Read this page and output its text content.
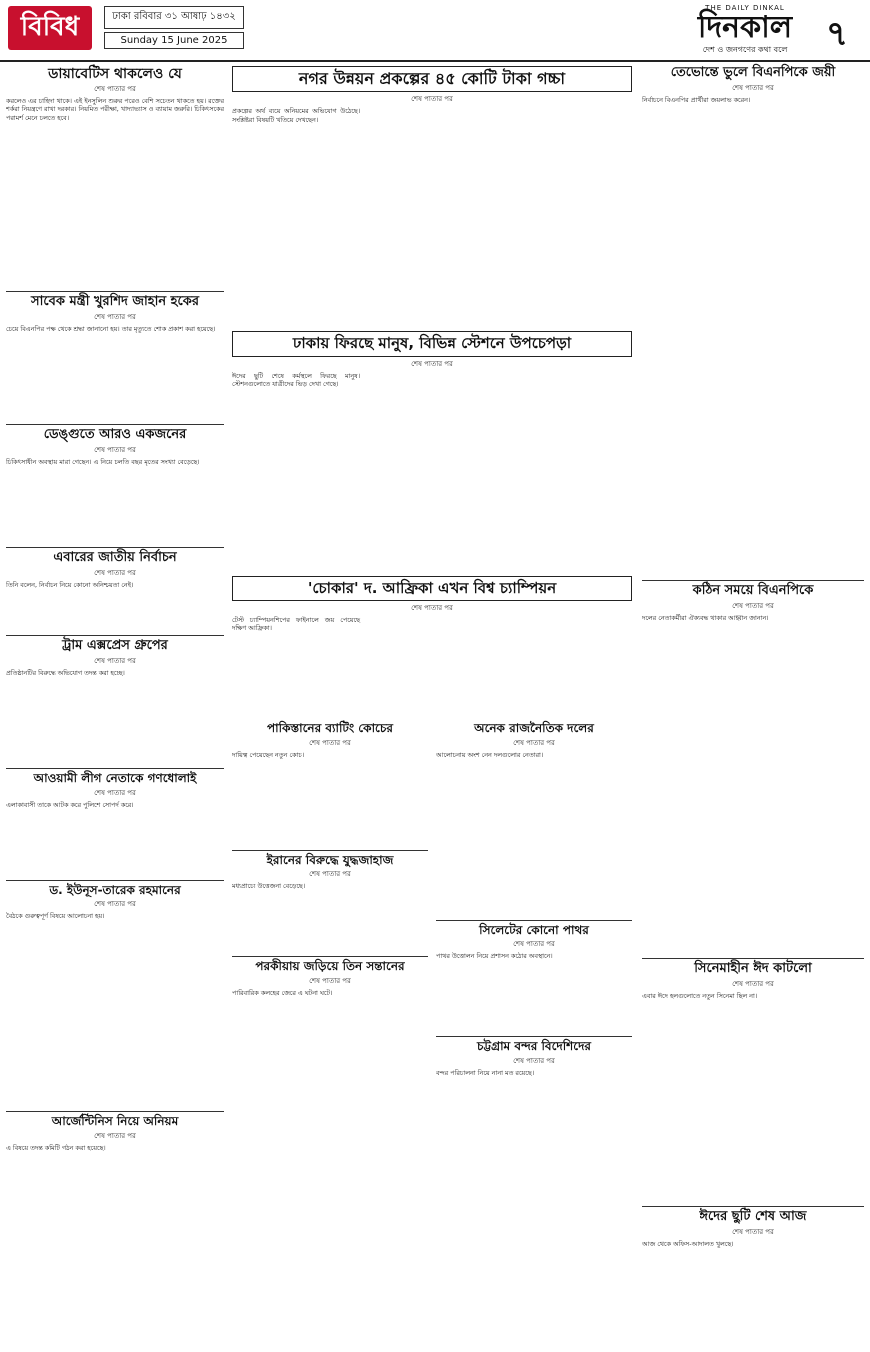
বিবিধ	ঢাকা রবিবার ৩১ আষাঢ় ১৪৩২
Sunday 15 June 2025
THE DAILY DINKAL
দিনকাল
দেশ ও জনগণের কথা বলে	৭
ডায়াবেটিস থাকলেও যে
শেষ পাতার পর
করলেও এর চাহিদা থাকে। এই ইনসুলিন শুরুর পরেও বেশি সচেতন থাকতে হয়। রক্তের শর্করা নিয়ন্ত্রণে রাখা দরকার। নিয়মিত পরীক্ষা, খাদ্যাভ্যাস ও ব্যায়াম জরুরি। চিকিৎসকের পরামর্শ মেনে চলতে হবে।
সাবেক মন্ত্রী খুরশিদ জাহান হকের
শেষ পাতার পর
চেয়ে বিএনপির পক্ষ থেকে শ্রদ্ধা জানানো হয়। তার মৃত্যুতে শোক প্রকাশ করা হয়েছে।
ডেঙ্গুতে আরও একজনের
শেষ পাতার পর
চিকিৎসাধীন অবস্থায় মারা গেছেন। এ নিয়ে চলতি বছর মৃতের সংখ্যা বেড়েছে।
এবারের জাতীয় নির্বাচন
শেষ পাতার পর
তিনি বলেন, নির্বাচন নিয়ে কোনো অনিশ্চয়তা নেই।
ট্রাম এক্সপ্রেস গ্রুপের
শেষ পাতার পর
প্রতিষ্ঠানটির বিরুদ্ধে অভিযোগ তদন্ত করা হচ্ছে।
আওয়ামী লীগ নেতাকে গণধোলাই
শেষ পাতার পর
এলাকাবাসী তাকে আটক করে পুলিশে সোপর্দ করে।
ড. ইউনূস-তারেক রহমানের
শেষ পাতার পর
বৈঠকে গুরুত্বপূর্ণ বিষয়ে আলোচনা হয়।
আর্জেন্টিনিস নিয়ে অনিয়ম
শেষ পাতার পর
এ বিষয়ে তদন্ত কমিটি গঠন করা হয়েছে।
নগর উন্নয়ন প্রকল্পের ৪৫ কোটি টাকা গচ্চা
শেষ পাতার পর
প্রকল্পের অর্থ ব্যয়ে অনিয়মের অভিযোগ উঠেছে। সংশ্লিষ্টরা বিষয়টি খতিয়ে দেখছেন।
ঢাকায় ফিরছে মানুষ, বিভিন্ন স্টেশনে উপচেপড়া
শেষ পাতার পর
ঈদের ছুটি শেষে কর্মস্থলে ফিরছে মানুষ। স্টেশনগুলোতে যাত্রীদের ভিড় দেখা গেছে।
'চোকার' দ. আফ্রিকা এখন বিশ্ব চ্যাম্পিয়ন
শেষ পাতার পর
টেস্ট চ্যাম্পিয়নশিপের ফাইনালে জয় পেয়েছে দক্ষিণ আফ্রিকা।
পাকিস্তানের ব্যাটিং কোচের
শেষ পাতার পর
দায়িত্ব পেয়েছেন নতুন কোচ।
ইরানের বিরুদ্ধে যুদ্ধজাহাজ
শেষ পাতার পর
মধ্যপ্রাচ্যে উত্তেজনা বেড়েছে।
পরকীয়ায় জড়িয়ে তিন সন্তানের
শেষ পাতার পর
পারিবারিক কলহের জেরে এ ঘটনা ঘটে।
অনেক রাজনৈতিক দলের
শেষ পাতার পর
আলোচনায় অংশ নেন দলগুলোর নেতারা।
সিলেটের কোনো পাথর
শেষ পাতার পর
পাথর উত্তোলন নিয়ে প্রশাসন কঠোর অবস্থানে।
চট্টগ্রাম বন্দর বিদেশিদের
শেষ পাতার পর
বন্দর পরিচালনা নিয়ে নানা মত রয়েছে।
তেভোন্তে ভুলে বিএনপিকে জয়ী
শেষ পাতার পর
নির্বাচনে বিএনপির প্রার্থীরা জয়লাভ করেন।
কঠিন সময়ে বিএনপিকে
শেষ পাতার পর
দলের নেতাকর্মীরা ঐক্যবদ্ধ থাকার আহ্বান জানান।
সিনেমাহীন ঈদ কাটলো
শেষ পাতার পর
এবার ঈদে হলগুলোতে নতুন সিনেমা ছিল না।
ঈদের ছুটি শেষ আজ
শেষ পাতার পর
আজ থেকে অফিস-আদালত খুলছে।
